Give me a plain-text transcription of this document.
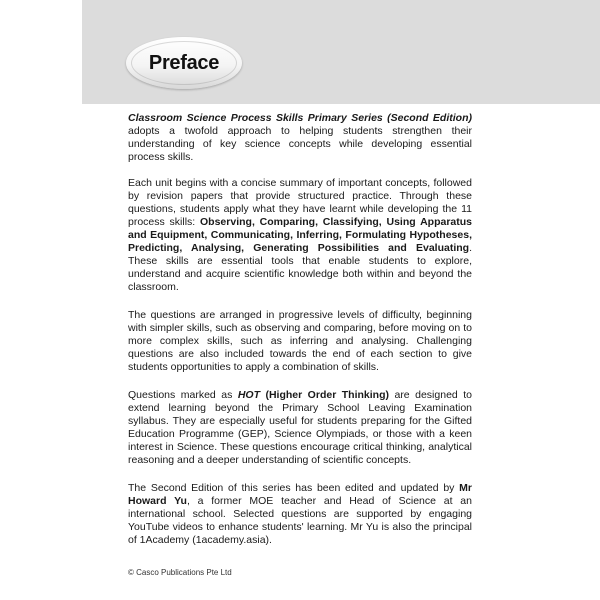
Preface

Classroom Science Process Skills Primary Series (Second Edition) adopts a twofold approach to helping students strengthen their understanding of key science concepts while developing essential process skills.

Each unit begins with a concise summary of important concepts, followed by revision papers that provide structured practice. Through these questions, students apply what they have learnt while developing the 11 process skills: Observing, Comparing, Classifying, Using Apparatus and Equipment, Communicating, Inferring, Formulating Hypotheses, Predicting, Analysing, Generating Possibilities and Evaluating. These skills are essential tools that enable students to explore, understand and acquire scientific knowledge both within and beyond the classroom.

The questions are arranged in progressive levels of difficulty, beginning with simpler skills, such as observing and comparing, before moving on to more complex skills, such as inferring and analysing. Challenging questions are also included towards the end of each section to give students opportunities to apply a combination of skills.

Questions marked as HOT (Higher Order Thinking) are designed to extend learning beyond the Primary School Leaving Examination syllabus. They are especially useful for students preparing for the Gifted Education Programme (GEP), Science Olympiads, or those with a keen interest in Science. These questions encourage critical thinking, analytical reasoning and a deeper understanding of scientific concepts.

The Second Edition of this series has been edited and updated by Mr Howard Yu, a former MOE teacher and Head of Science at an international school. Selected questions are supported by engaging YouTube videos to enhance students' learning. Mr Yu is also the principal of 1Academy (1academy.asia).

© Casco Publications Pte Ltd
